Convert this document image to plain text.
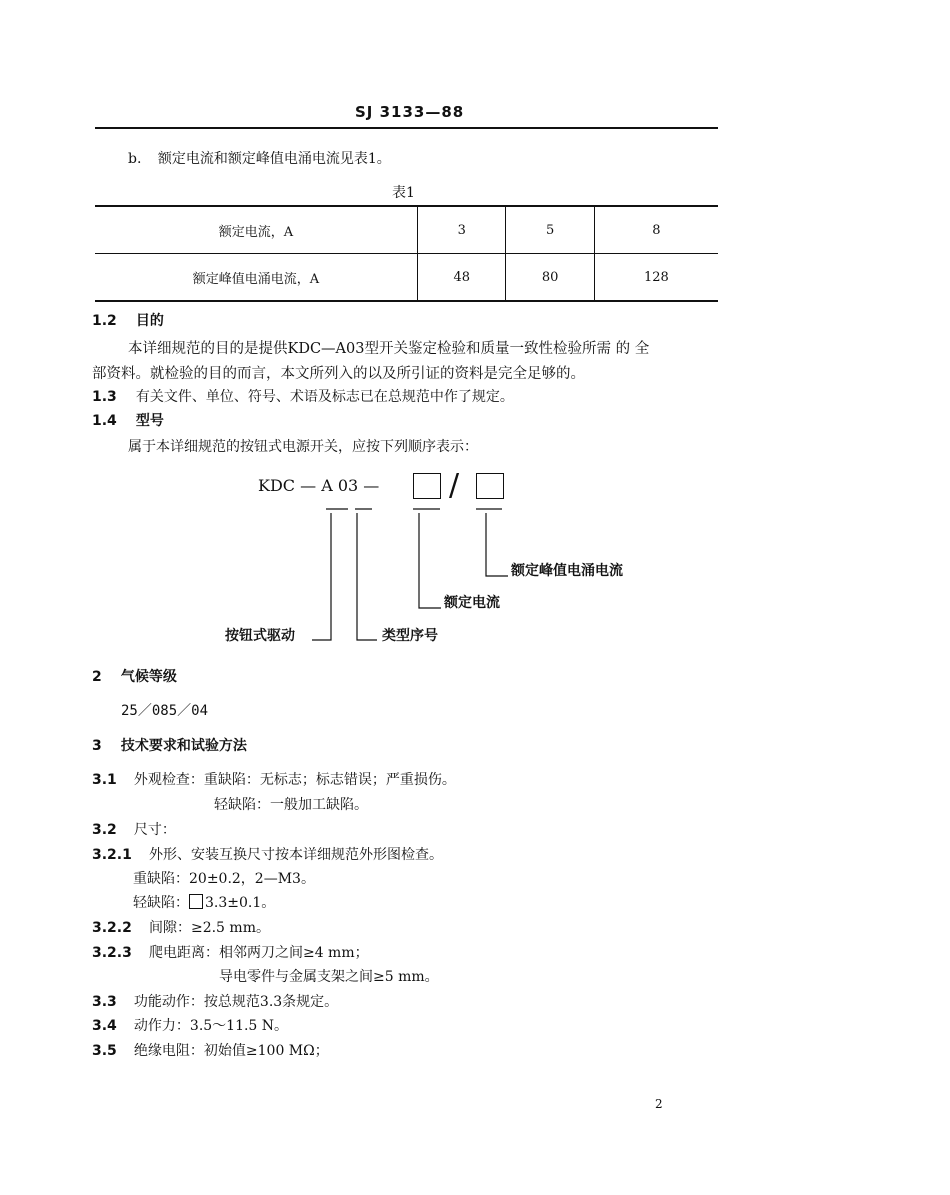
SJ 3133—88
b. 额定电流和额定峰值电涌电流见表1。
表1
额定电流，A	3	5	8
额定峰值电涌电流，A	48	80	128
1.2 目的
本详细规范的目的是提供KDC—A03型开关鉴定检验和质量一致性检验所需 的 全
部资料。就检验的目的而言，本文所列入的以及所引证的资料是完全足够的。
1.3 有关文件、单位、符号、术语及标志已在总规范中作了规定。
1.4 型号
属于本详细规范的按钮式电源开关，应按下列顺序表示：
KDC — A 03 — /
额定峰值电涌电流
额定电流
按钮式驱动	类型序号
2 气候等级
25／085／04
3 技术要求和试验方法
3.1 外观检查：重缺陷：无标志；标志错误；严重损伤。
轻缺陷：一般加工缺陷。
3.2 尺寸：
3.2.1 外形、安装互换尺寸按本详细规范外形图检查。
重缺陷：20±0.2，2—M3。
轻缺陷： 3.3±0.1。
3.2.2 间隙：≥2.5 mm。
3.2.3 爬电距离：相邻两刀之间≥4 mm；
导电零件与金属支架之间≥5 mm。
3.3 功能动作：按总规范3.3条规定。
3.4 动作力：3.5～11.5 N。
3.5 绝缘电阻：初始值≥100 MΩ；
2
